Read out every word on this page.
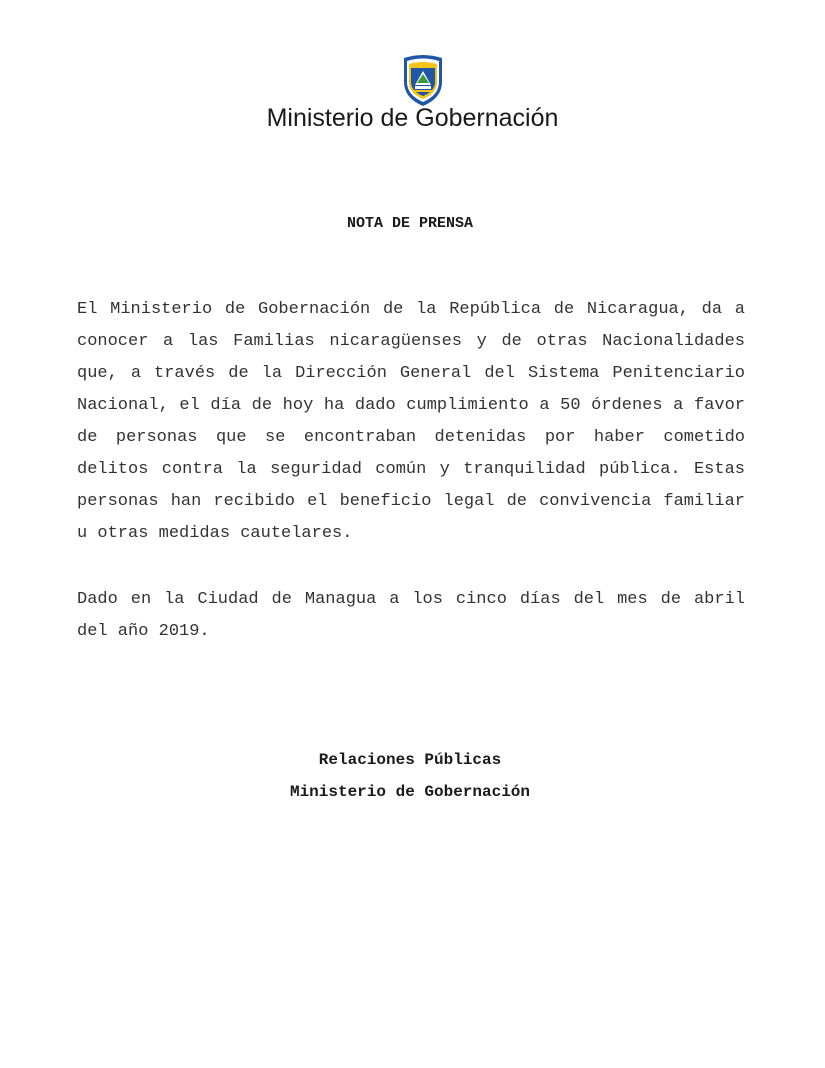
Ministerio de Gobernación
NOTA DE PRENSA

El Ministerio de Gobernación de la República de Nicaragua, da a conocer a las Familias nicaragüenses y de otras Nacionalidades que, a través de la Dirección General del Sistema Penitenciario Nacional, el día de hoy ha dado cumplimiento a 50 órdenes a favor de personas que se encontraban detenidas por haber cometido delitos contra la seguridad común y tranquilidad pública. Estas personas han recibido el beneficio legal de convivencia familiar u otras medidas cautelares.

Dado en la Ciudad de Managua a los cinco días del mes de abril del año 2019.

Relaciones Públicas
Ministerio de Gobernación
